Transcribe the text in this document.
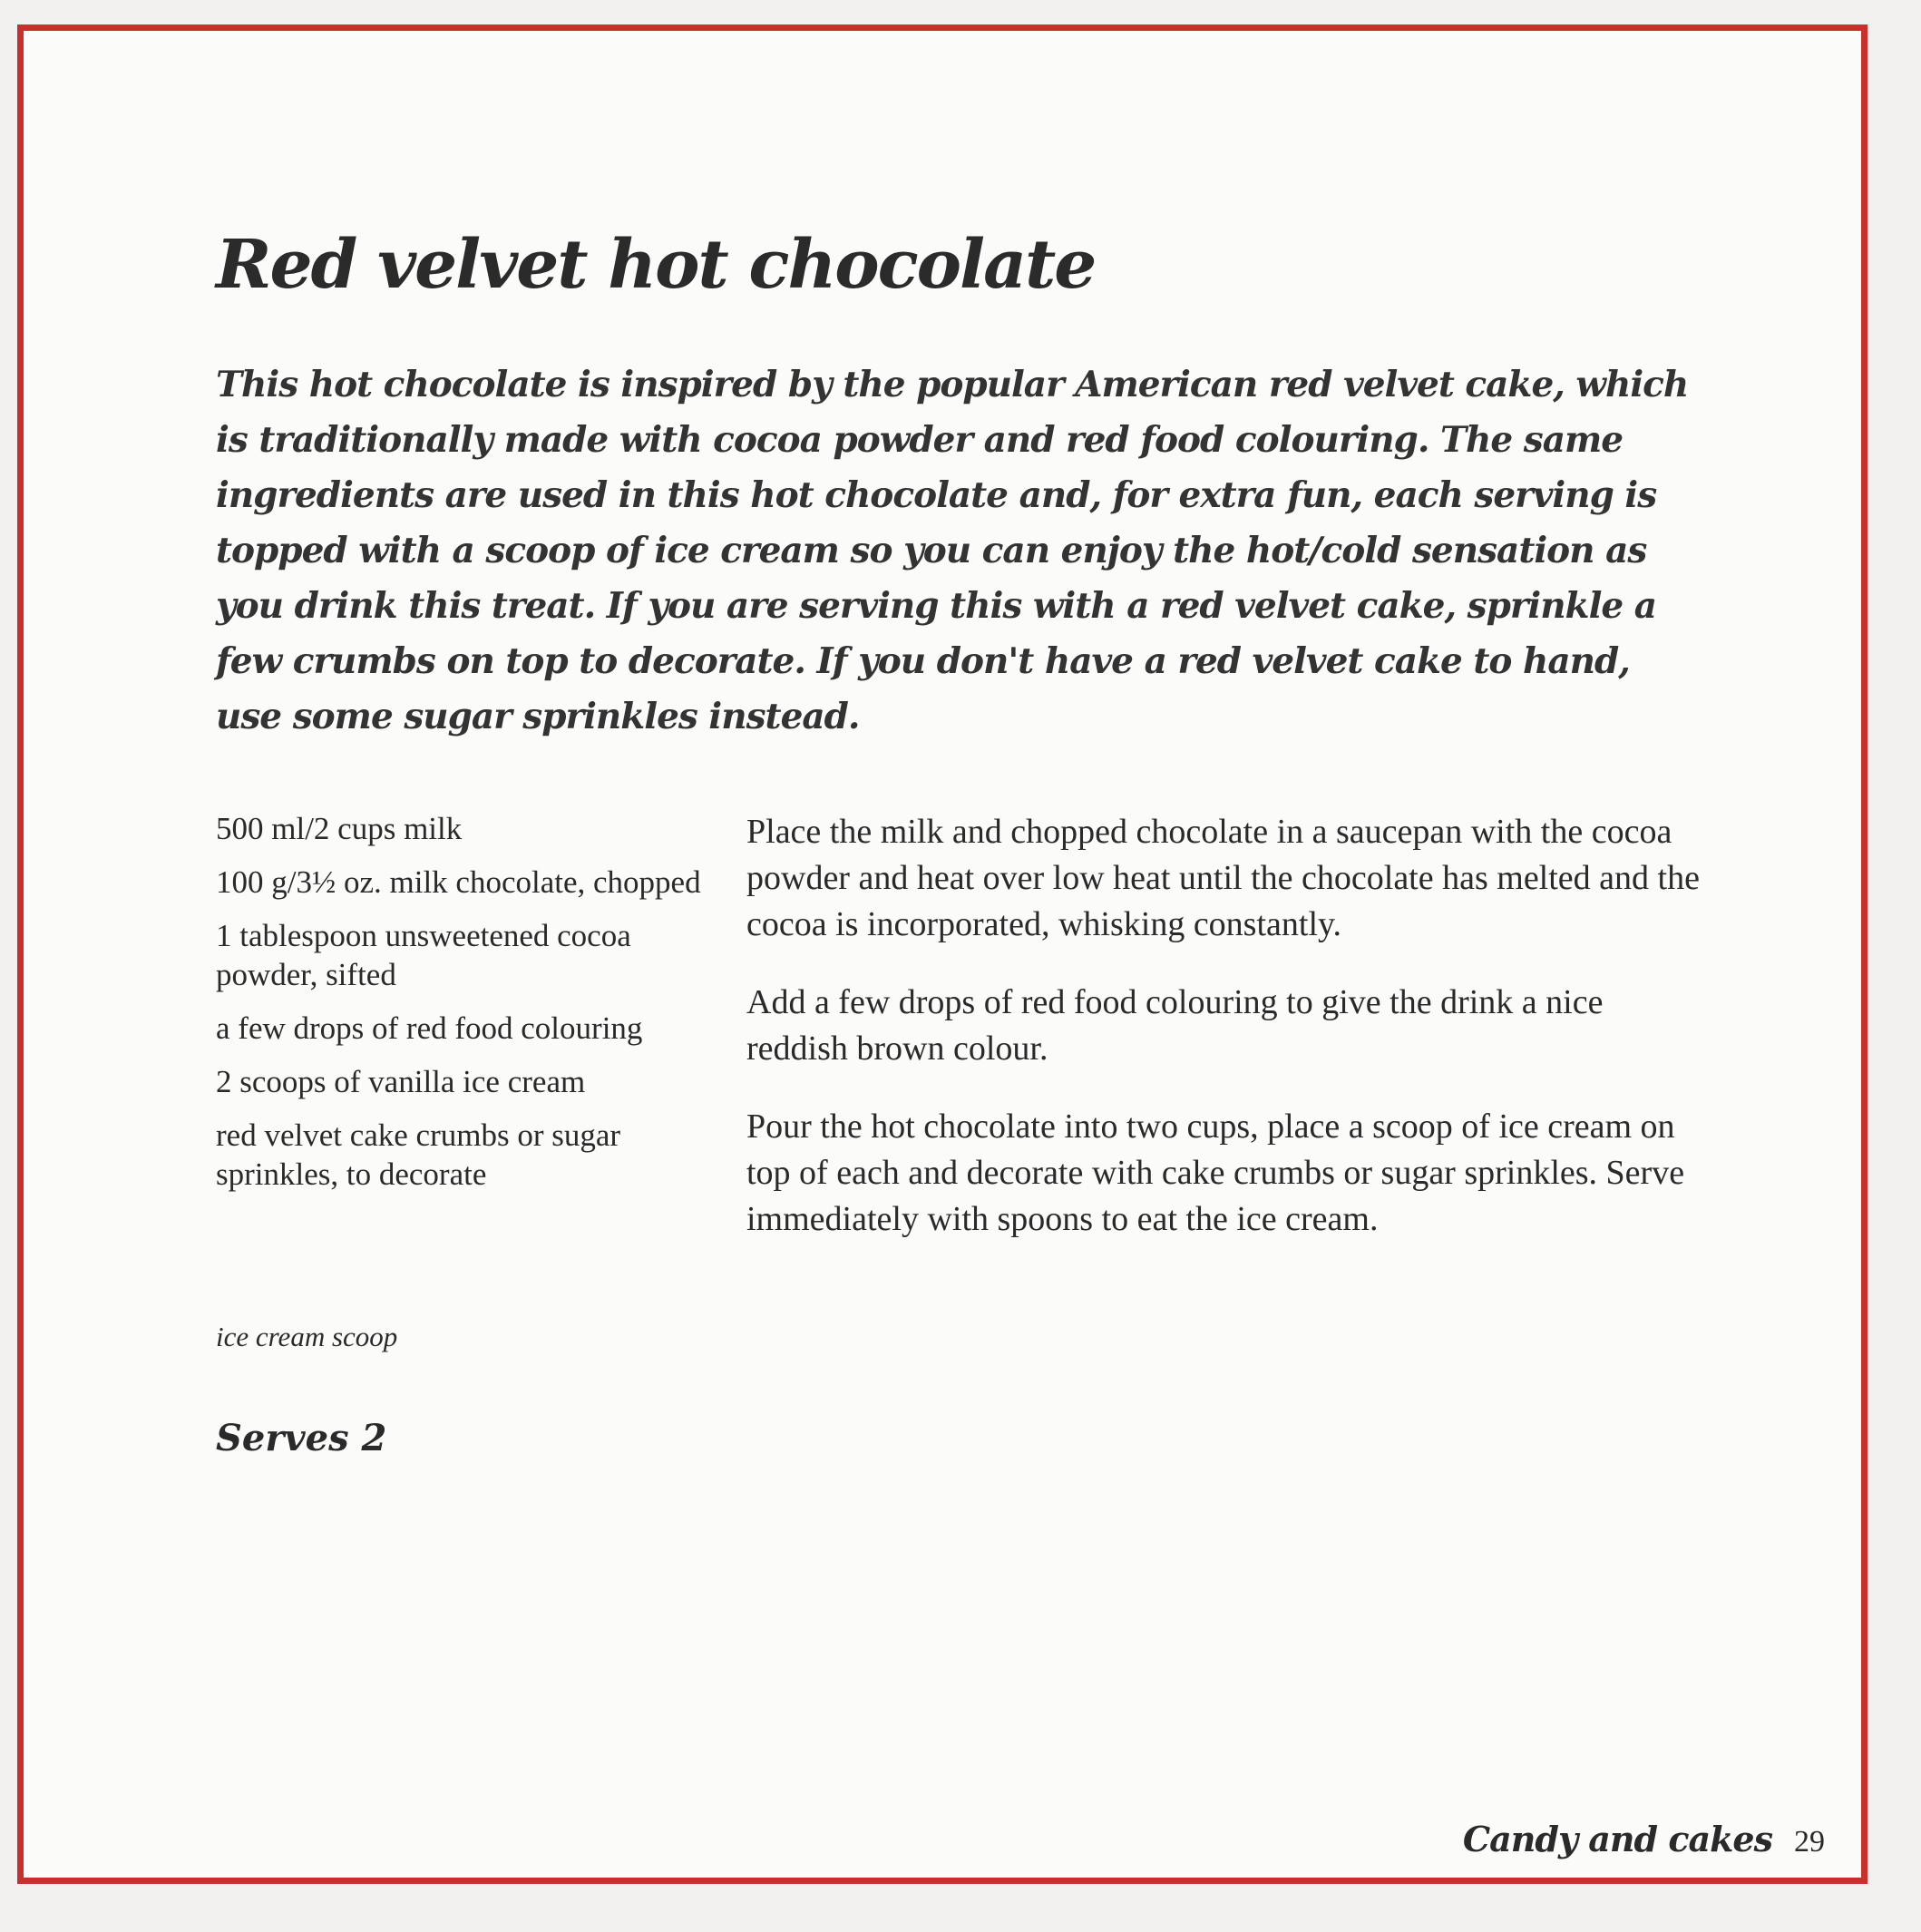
Red velvet hot chocolate

This hot chocolate is inspired by the popular American red velvet cake, which is traditionally made with cocoa powder and red food colouring. The same ingredients are used in this hot chocolate and, for extra fun, each serving is topped with a scoop of ice cream so you can enjoy the hot/cold sensation as you drink this treat. If you are serving this with a red velvet cake, sprinkle a few crumbs on top to decorate. If you don't have a red velvet cake to hand, use some sugar sprinkles instead.

500 ml/2 cups milk
100 g/3½ oz. milk chocolate, chopped
1 tablespoon unsweetened cocoa powder, sifted
a few drops of red food colouring
2 scoops of vanilla ice cream
red velvet cake crumbs or sugar sprinkles, to decorate
ice cream scoop
Serves 2

Place the milk and chopped chocolate in a saucepan with the cocoa powder and heat over low heat until the chocolate has melted and the cocoa is incorporated, whisking constantly.

Add a few drops of red food colouring to give the drink a nice reddish brown colour.

Pour the hot chocolate into two cups, place a scoop of ice cream on top of each and decorate with cake crumbs or sugar sprinkles. Serve immediately with spoons to eat the ice cream.

Candy and cakes 29
